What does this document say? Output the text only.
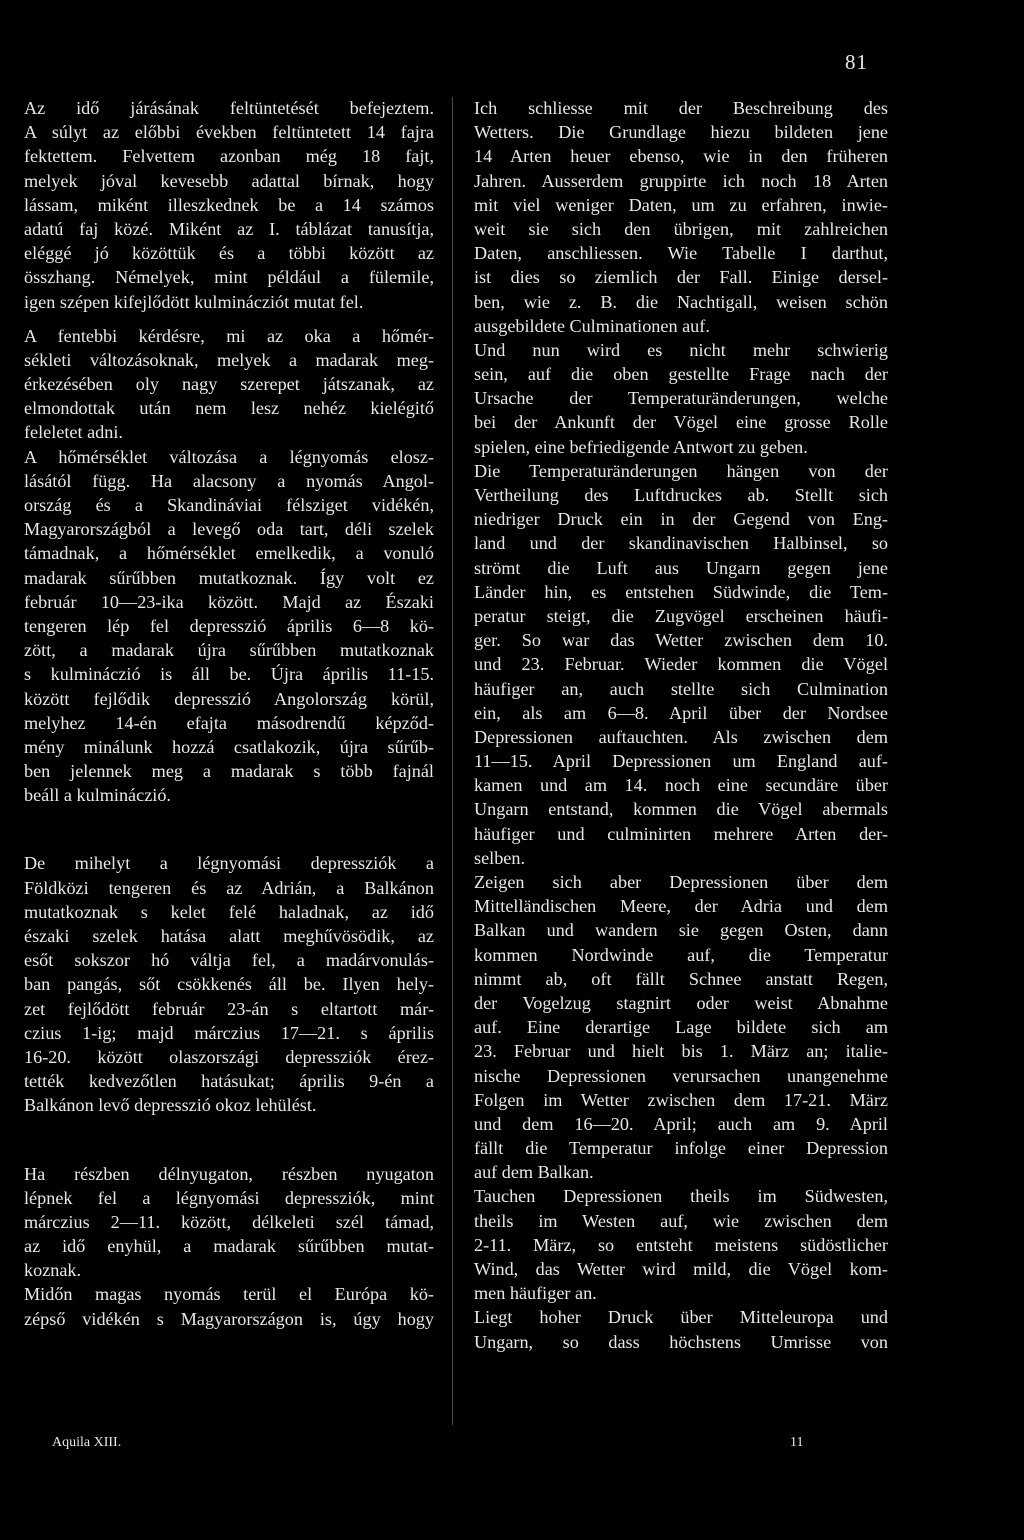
81
Az idő járásának feltüntetését befejeztem.
A súlyt az előbbi években feltüntetett 14 fajra
fektettem. Felvettem azonban még 18 fajt,
melyek jóval kevesebb adattal bírnak, hogy
lássam, miként illeszkednek be a 14 számos
adatú faj közé. Miként az I. táblázat tanusítja,
eléggé jó közöttük és a többi között az
összhang. Némelyek, mint például a fülemile,
igen szépen kifejlődött kulminácziót mutat fel.
A fentebbi kérdésre, mi az oka a hőmér-
sékleti változásoknak, melyek a madarak meg-
érkezésében oly nagy szerepet játszanak, az
elmondottak után nem lesz nehéz kielégitő
feleletet adni.
A hőmérséklet változása a légnyomás elosz-
lásától függ. Ha alacsony a nyomás Angol-
ország és a Skandináviai félsziget vidékén,
Magyarországból a levegő oda tart, déli szelek
támadnak, a hőmérséklet emelkedik, a vonuló
madarak sűrűbben mutatkoznak. Így volt ez
február 10—23-ika között. Majd az Északi
tengeren lép fel depresszió április 6—8 kö-
zött, a madarak újra sűrűbben mutatkoznak
s kulmináczió is áll be. Újra április 11-15.
között fejlődik depresszió Angolország körül,
melyhez 14-én efajta másodrendű képződ-
mény minálunk hozzá csatlakozik, újra sűrűb-
ben jelennek meg a madarak s több fajnál
beáll a kulmináczió.
De mihelyt a légnyomási depressziók a
Földközi tengeren és az Adrián, a Balkánon
mutatkoznak s kelet felé haladnak, az idő
északi szelek hatása alatt meghűvösödik, az
esőt sokszor hó váltja fel, a madárvonulás-
ban pangás, sőt csökkenés áll be. Ilyen hely-
zet fejlődött február 23-án s eltartott már-
czius 1-ig; majd márczius 17—21. s április
16-20. között olaszországi depressziók érez-
tették kedvezőtlen hatásukat; április 9-én a
Balkánon levő depresszió okoz lehülést.
Ha részben délnyugaton, részben nyugaton
lépnek fel a légnyomási depressziók, mint
márczius 2—11. között, délkeleti szél támad,
az idő enyhül, a madarak sűrűbben mutat-
koznak.
Midőn magas nyomás terül el Európa kö-
zépső vidékén s Magyarországon is, úgy hogy
Ich schliesse mit der Beschreibung des
Wetters. Die Grundlage hiezu bildeten jene
14 Arten heuer ebenso, wie in den früheren
Jahren. Ausserdem gruppirte ich noch 18 Arten
mit viel weniger Daten, um zu erfahren, inwie-
weit sie sich den übrigen, mit zahlreichen
Daten, anschliessen. Wie Tabelle I darthut,
ist dies so ziemlich der Fall. Einige dersel-
ben, wie z. B. die Nachtigall, weisen schön
ausgebildete Culminationen auf.
Und nun wird es nicht mehr schwierig
sein, auf die oben gestellte Frage nach der
Ursache der Temperaturänderungen, welche
bei der Ankunft der Vögel eine grosse Rolle
spielen, eine befriedigende Antwort zu geben.
Die Temperaturänderungen hängen von der
Vertheilung des Luftdruckes ab. Stellt sich
niedriger Druck ein in der Gegend von Eng-
land und der skandinavischen Halbinsel, so
strömt die Luft aus Ungarn gegen jene
Länder hin, es entstehen Südwinde, die Tem-
peratur steigt, die Zugvögel erscheinen häufi-
ger. So war das Wetter zwischen dem 10.
und 23. Februar. Wieder kommen die Vögel
häufiger an, auch stellte sich Culmination
ein, als am 6—8. April über der Nordsee
Depressionen auftauchten. Als zwischen dem
11—15. April Depressionen um England auf-
kamen und am 14. noch eine secundäre über
Ungarn entstand, kommen die Vögel abermals
häufiger und culminirten mehrere Arten der-
selben.
Zeigen sich aber Depressionen über dem
Mittelländischen Meere, der Adria und dem
Balkan und wandern sie gegen Osten, dann
kommen Nordwinde auf, die Temperatur
nimmt ab, oft fällt Schnee anstatt Regen,
der Vogelzug stagnirt oder weist Abnahme
auf. Eine derartige Lage bildete sich am
23. Februar und hielt bis 1. März an; italie-
nische Depressionen verursachen unangenehme
Folgen im Wetter zwischen dem 17-21. März
und dem 16—20. April; auch am 9. April
fällt die Temperatur infolge einer Depression
auf dem Balkan.
Tauchen Depressionen theils im Südwesten,
theils im Westen auf, wie zwischen dem
2-11. März, so entsteht meistens südöstlicher
Wind, das Wetter wird mild, die Vögel kom-
men häufiger an.
Liegt hoher Druck über Mitteleuropa und
Ungarn, so dass höchstens Umrisse von
Aquila XIII.	11
